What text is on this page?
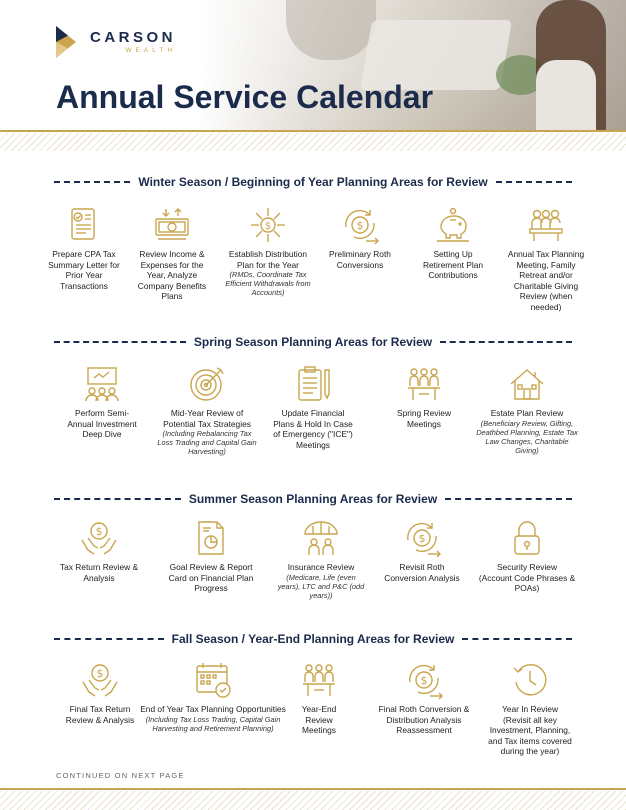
CARSON
WEALTH
Annual Service Calendar
Winter Season / Beginning of Year Planning Areas for Review
Spring Season Planning Areas for Review
Summer Season Planning Areas for Review
Fall Season / Year-End Planning Areas for Review
Prepare CPA Tax Summary Letter for Prior Year Transactions
Review Income & Expenses for the Year, Analyze Company Benefits Plans
$
Establish Distribution Plan for the Year
(RMDs, Coordinate Tax Efficient Withdrawals from Accounts)
$
Preliminary Roth Conversions
Setting Up Retirement Plan Contributions
Annual Tax Planning Meeting, Family Retreat and/or Charitable Giving Review (when needed)
Perform Semi-Annual Investment Deep Dive
Mid-Year Review of Potential Tax Strategies
(Including Rebalancing Tax Loss Trading and Capital Gain Harvesting)
Update Financial Plans & Hold In Case of Emergency ("ICE") Meetings
Spring Review Meetings
Estate Plan Review
(Beneficiary Review, Gifting, Deathbed Planning, Estate Tax Law Changes, Charitable Giving)
$
Tax Return Review & Analysis
Goal Review & Report Card on Financial Plan Progress
Insurance Review
(Medicare, Life (even years), LTC and P&C (odd years))
$
Revisit Roth Conversion Analysis
Security Review
(Account Code Phrases & POAs)
$
Final Tax Return Review & Analysis
End of Year Tax Planning Opportunities
(Including Tax Loss Trading, Capital Gain Harvesting and Retirement Planning)
Year-End Review Meetings
$
Final Roth Conversion & Distribution Analysis Reassessment
Year In Review
(Revisit all key Investment, Planning, and Tax items covered during the year)
CONTINUED ON NEXT PAGE
